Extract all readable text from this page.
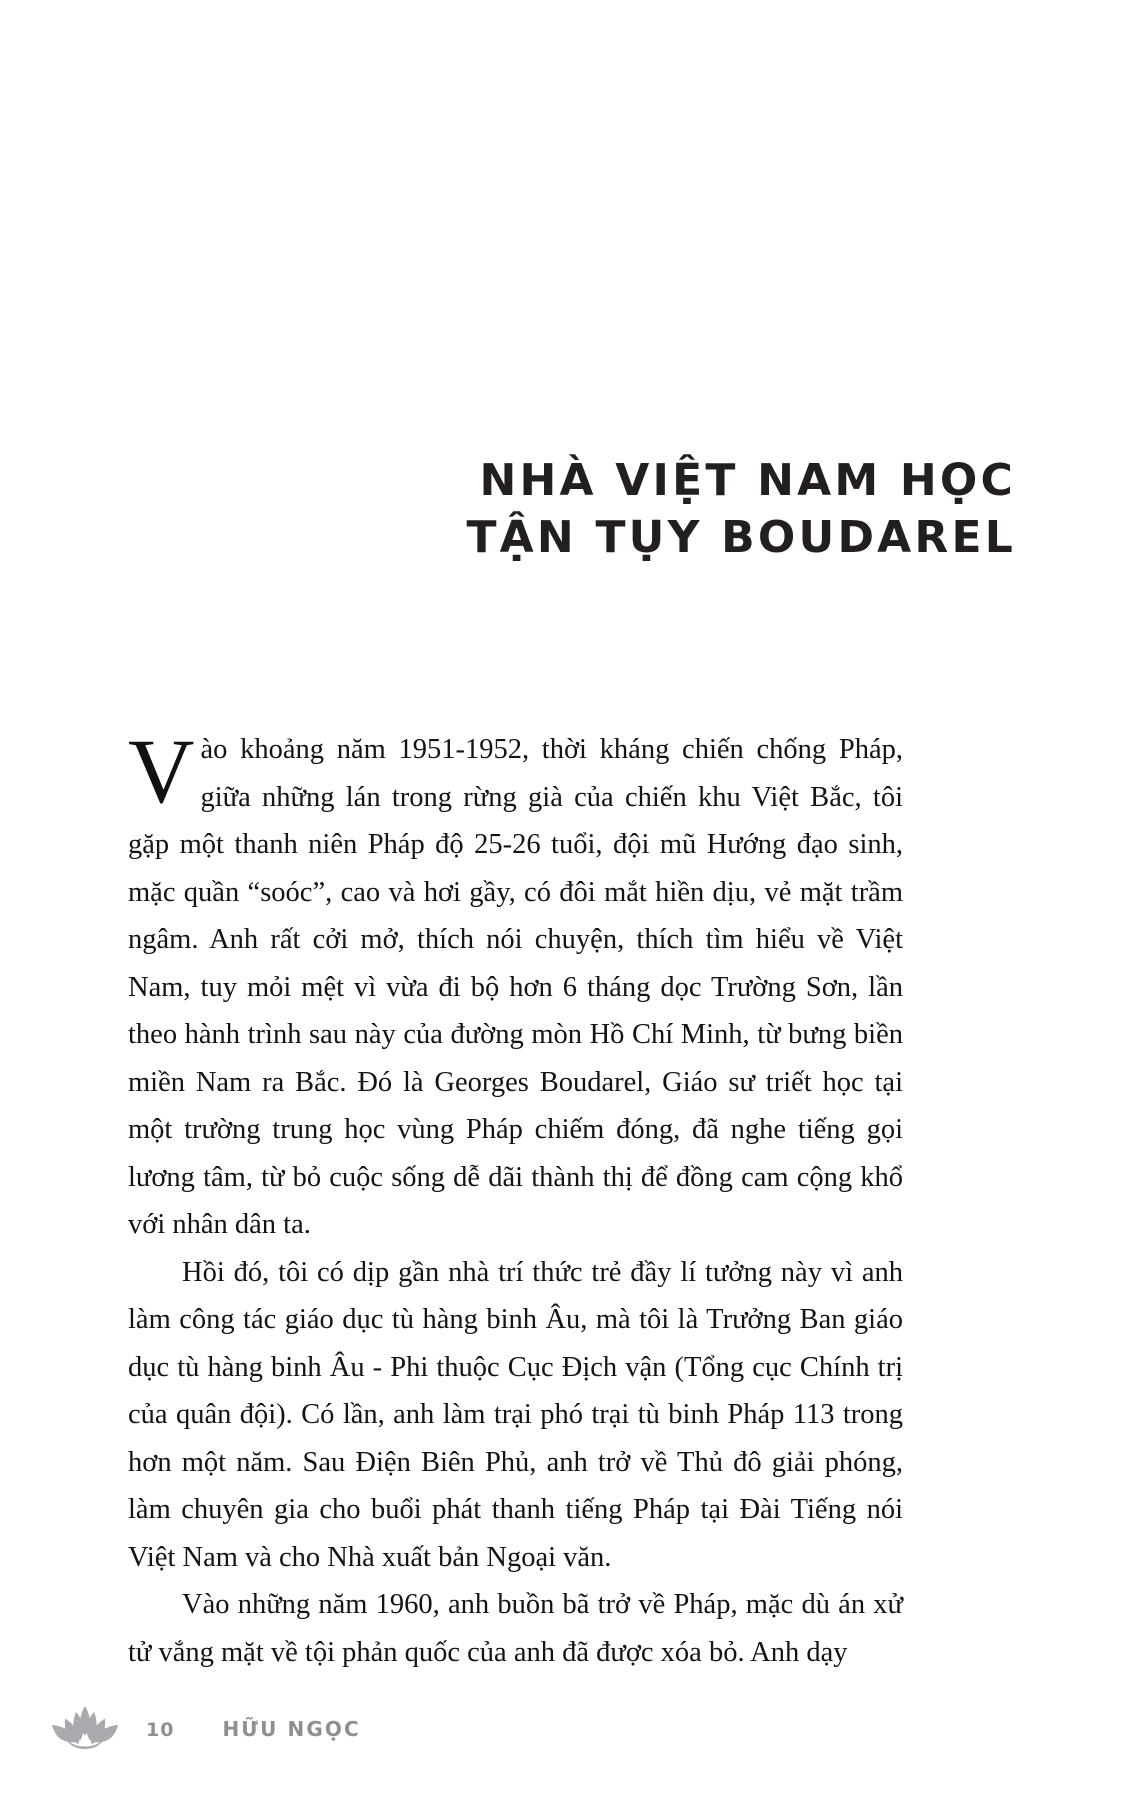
NHÀ VIỆT NAM HỌC
TẬN TỤY BOUDAREL

Vào khoảng năm 1951-1952, thời kháng chiến chống Pháp, giữa những lán trong rừng già của chiến khu Việt Bắc, tôi gặp một thanh niên Pháp độ 25-26 tuổi, đội mũ Hướng đạo sinh, mặc quần “soóc”, cao và hơi gầy, có đôi mắt hiền dịu, vẻ mặt trầm ngâm. Anh rất cởi mở, thích nói chuyện, thích tìm hiểu về Việt Nam, tuy mỏi mệt vì vừa đi bộ hơn 6 tháng dọc Trường Sơn, lần theo hành trình sau này của đường mòn Hồ Chí Minh, từ bưng biền miền Nam ra Bắc. Đó là Georges Boudarel, Giáo sư triết học tại một trường trung học vùng Pháp chiếm đóng, đã nghe tiếng gọi lương tâm, từ bỏ cuộc sống dễ dãi thành thị để đồng cam cộng khổ với nhân dân ta.

Hồi đó, tôi có dịp gần nhà trí thức trẻ đầy lí tưởng này vì anh làm công tác giáo dục tù hàng binh Âu, mà tôi là Trưởng Ban giáo dục tù hàng binh Âu - Phi thuộc Cục Địch vận (Tổng cục Chính trị của quân đội). Có lần, anh làm trại phó trại tù binh Pháp 113 trong hơn một năm. Sau Điện Biên Phủ, anh trở về Thủ đô giải phóng, làm chuyên gia cho buổi phát thanh tiếng Pháp tại Đài Tiếng nói Việt Nam và cho Nhà xuất bản Ngoại văn.

Vào những năm 1960, anh buồn bã trở về Pháp, mặc dù án xử tử vắng mặt về tội phản quốc của anh đã được xóa bỏ. Anh dạy

10 HỮU NGỌC
